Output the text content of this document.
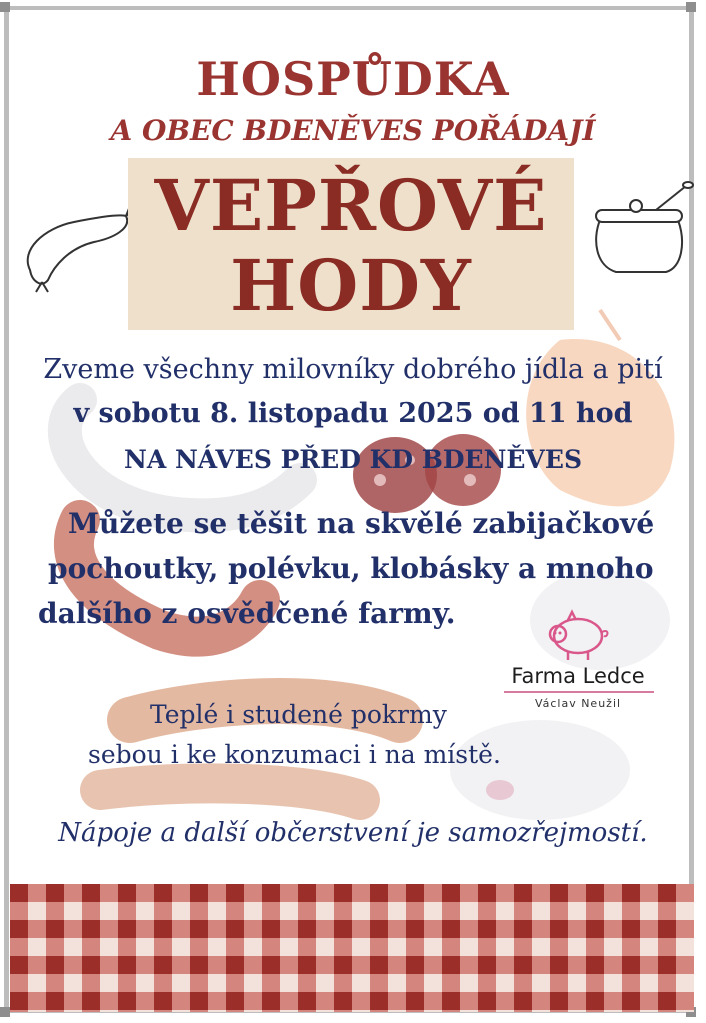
HOSPŮDKA
A OBEC BDENĚVES POŘÁDAJÍ
VEPŘOVÉ
HODY
Zveme všechny milovníky dobrého jídla a pití
v sobotu 8. listopadu 2025 od 11 hod
NA NÁVES PŘED KD BDENĚVES
Můžete se těšit na skvělé zabijačkové
pochoutky, polévku, klobásky a mnoho
dalšího z osvědčené farmy.
Farma Ledce
Václav Neužil
Teplé i studené pokrmy
sebou i ke konzumaci i na místě.
Nápoje a další občerstvení je samozřejmostí.
